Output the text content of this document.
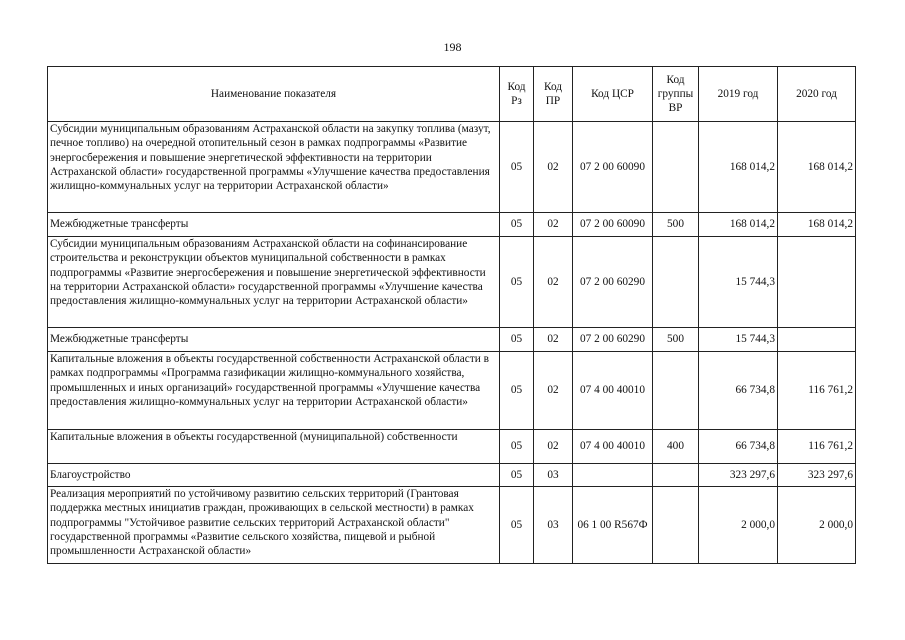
198
Наименование показателя	Код Рз	Код ПР	Код ЦСР	Код группы ВР	2019 год	2020 год
Субсидии муниципальным образованиям Астраханской области на закупку топлива (мазут, печное топливо) на очередной отопительный сезон в рамках подпрограммы «Развитие энергосбережения и повышение энергетической эффективности на территории Астраханской области» государственной программы «Улучшение качества предоставления жилищно-коммунальных услуг на территории Астраханской области»	05	02	07 2 00 60090		168 014,2	168 014,2
Межбюджетные трансферты	05	02	07 2 00 60090	500	168 014,2	168 014,2
Субсидии муниципальным образованиям Астраханской области на софинансирование строительства и реконструкции объектов муниципальной собственности в рамках подпрограммы «Развитие энергосбережения и повышение энергетической эффективности на территории Астраханской области» государственной программы «Улучшение качества предоставления жилищно-коммунальных услуг на территории Астраханской области»	05	02	07 2 00 60290		15 744,3	
Межбюджетные трансферты	05	02	07 2 00 60290	500	15 744,3	
Капитальные вложения в объекты государственной собственности Астраханской области в рамках подпрограммы «Программа газификации жилищно-коммунального хозяйства, промышленных и иных организаций» государственной программы «Улучшение качества предоставления жилищно-коммунальных услуг на территории Астраханской области»	05	02	07 4 00 40010		66 734,8	116 761,2
Капитальные вложения в объекты государственной (муниципальной) собственности	05	02	07 4 00 40010	400	66 734,8	116 761,2
Благоустройство	05	03			323 297,6	323 297,6
Реализация мероприятий по устойчивому развитию сельских территорий (Грантовая поддержка местных инициатив граждан, проживающих в сельской местности) в рамках подпрограммы "Устойчивое развитие сельских территорий Астраханской области" государственной программы «Развитие сельского хозяйства, пищевой и рыбной промышленности Астраханской области»	05	03	06 1 00 R567Ф		2 000,0	2 000,0
